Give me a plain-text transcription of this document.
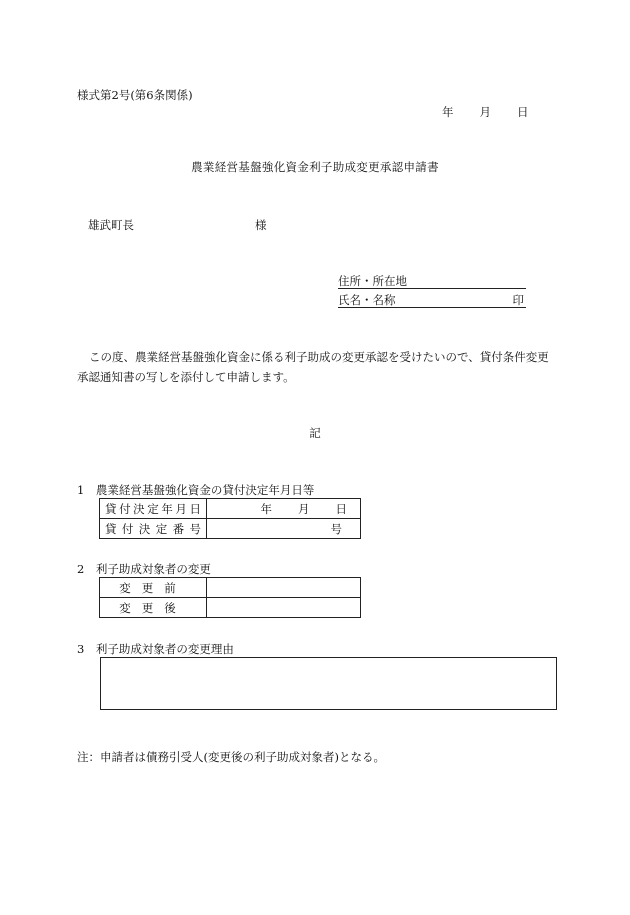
様式第2号(第6条関係)
年 月 日
農業経営基盤強化資金利子助成変更承認申請書
雄武町長	様
住所・所在地
氏名・名称	印
この度、農業経営基盤強化資金に係る利子助成の変更承認を受けたいので、貸付条件変更承認通知書の写しを添付して申請します。
記
1　農業経営基盤強化資金の貸付決定年月日等
貸付決定年月日	年 月 日
貸付決定番号	号
2　利子助成対象者の変更
変更前	
変更後	
3　利子助成対象者の変更理由
注：申請者は債務引受人(変更後の利子助成対象者)となる。
